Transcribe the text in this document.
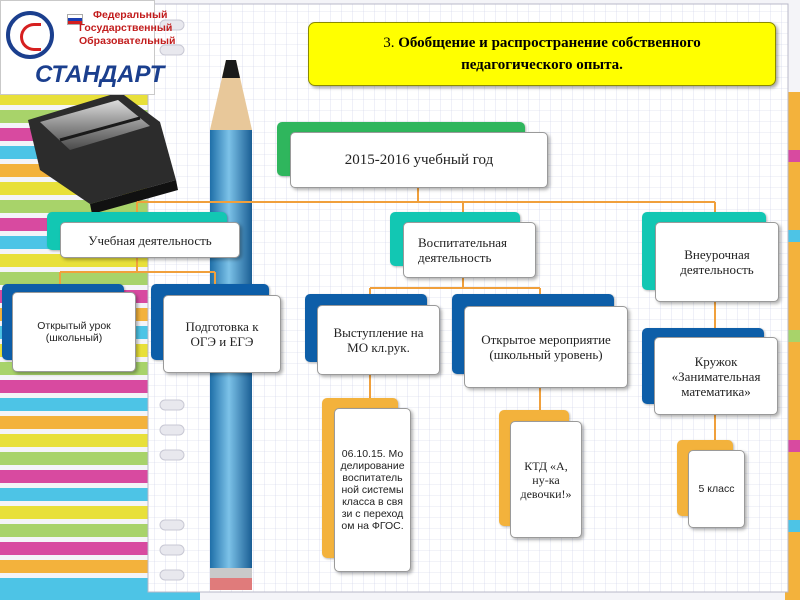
Федеральный
Государственный
Образовательный
СТАНДАРТ
3. Обобщение и распространение собственного
педагогического опыта.
2015-2016 учебный год
Учебная деятельность
Открытый урок (школьный)
Подготовка к ОГЭ и ЕГЭ
Воспитательная деятельность
Выступление на МО кл.рук.
Открытое мероприятие (школьный уровень)
06.10.15. Моделирование воспитательной системы класса в связи с переходом на ФГОС.
КТД «А, ну-ка девочки!»
Внеурочная деятельность
Кружок «Занимательная математика»
5 класс
